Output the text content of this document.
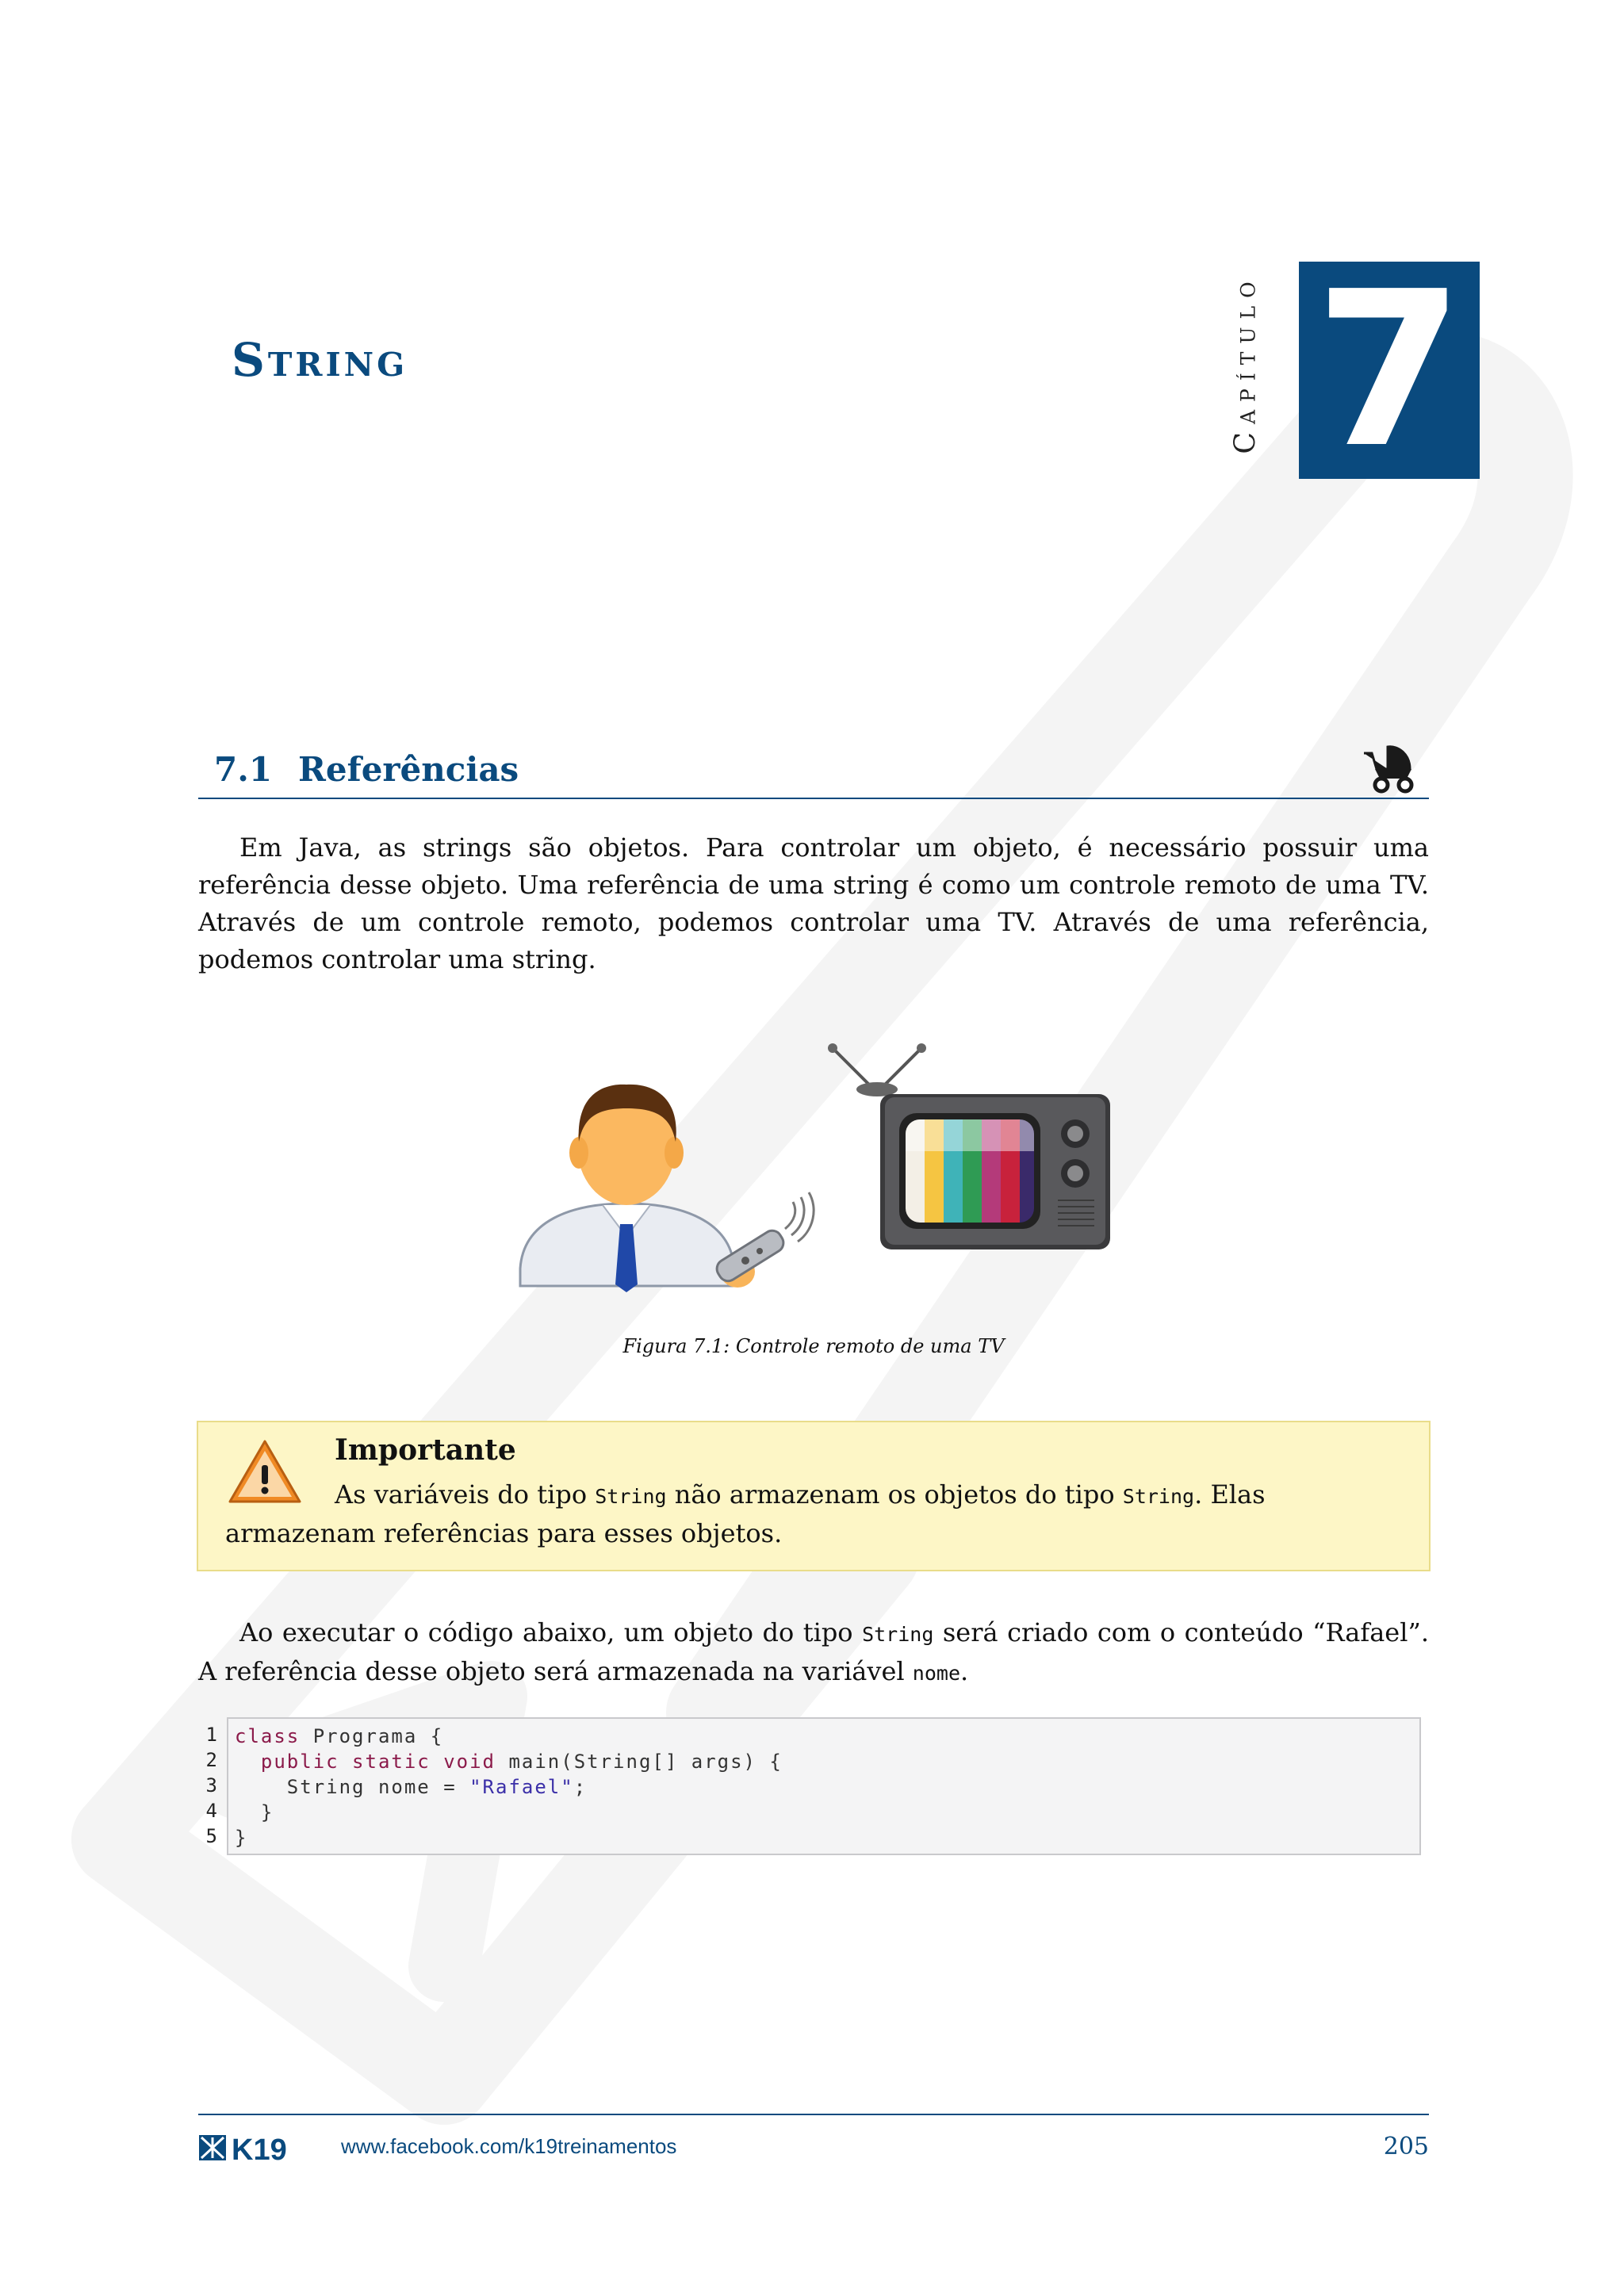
String	Capítulo 7
7.1 Referências

Em Java, as strings são objetos. Para controlar um objeto, é necessário possuir uma referência desse objeto. Uma referência de uma string é como um controle remoto de uma TV. Através de um controle remoto, podemos controlar uma TV. Através de uma referência, podemos controlar uma string.

Figura 7.1: Controle remoto de uma TV
Importante
As variáveis do tipo String não armazenam os objetos do tipo String. Elas armazenam referências para esses objetos.

Ao executar o código abaixo, um objeto do tipo String será criado com o conteúdo “Rafael”. A referência desse objeto será armazenada na variável nome.

1
2
3
4
5
class Programa {
public static void main(String[] args) {
String nome = "Rafael";
}
}
K19	www.facebook.com/k19treinamentos	205
